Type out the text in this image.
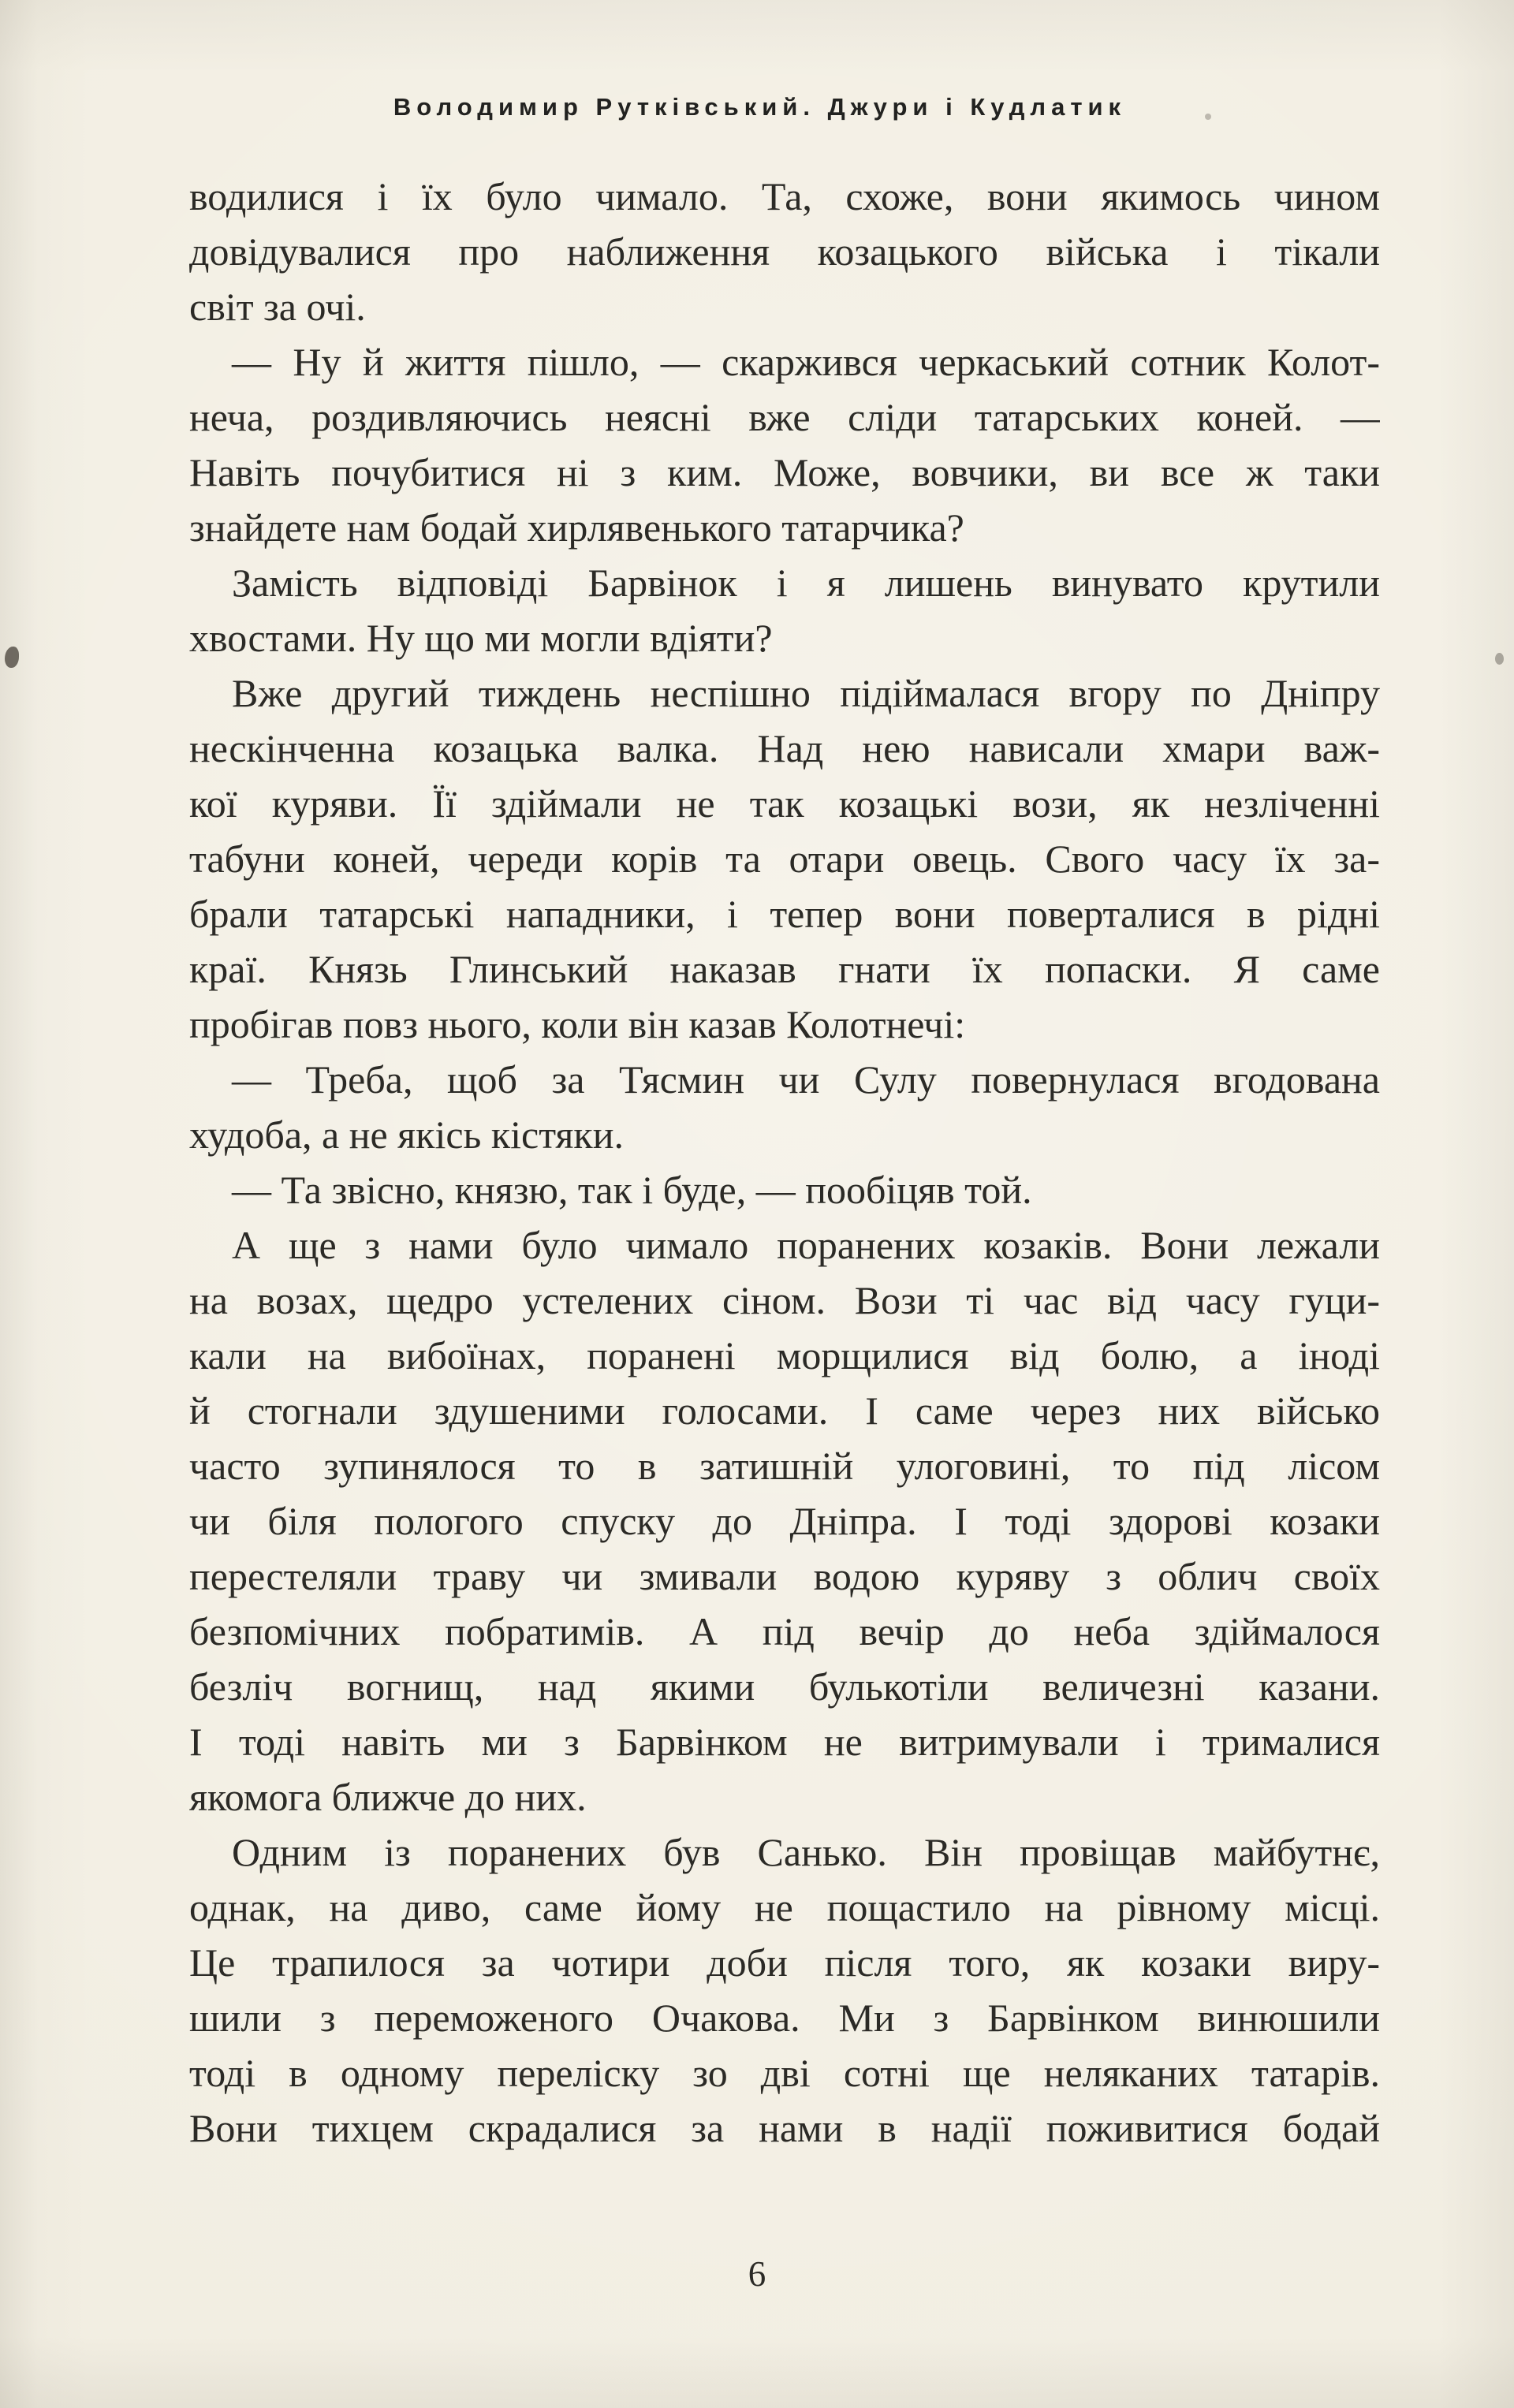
Володимир Рутківський. Джури і Кудлатик

водилися і їх було чимало. Та, схоже, вони якимось чином
довідувалися про наближення козацького війська і тікали
світ за очі.

— Ну й життя пішло, — скаржився черкаський сотник Колот-
неча, роздивляючись неясні вже сліди татарських коней. —
Навіть почубитися ні з ким. Може, вовчики, ви все ж таки
знайдете нам бодай хирлявенького татарчика?

Замість відповіді Барвінок і я лишень винувато крутили
хвостами. Ну що ми могли вдіяти?

Вже другий тиждень неспішно підіймалася вгору по Дніпру
нескінченна козацька валка. Над нею нависали хмари важ-
кої куряви. Її здіймали не так козацькі вози, як незліченні
табуни коней, череди корів та отари овець. Свого часу їх за-
брали татарські нападники, і тепер вони поверталися в рідні
краї. Князь Глинський наказав гнати їх попаски. Я саме
пробігав повз нього, коли він казав Колотнечі:

— Треба, щоб за Тясмин чи Сулу повернулася вгодована
худоба, а не якісь кістяки.

— Та звісно, князю, так і буде, — пообіцяв той.

А ще з нами було чимало поранених козаків. Вони лежали
на возах, щедро устелених сіном. Вози ті час від часу гуци-
кали на вибоїнах, поранені морщилися від болю, а іноді
й стогнали здушеними голосами. І саме через них військо
часто зупинялося то в затишній улоговині, то під лісом
чи біля пологого спуску до Дніпра. І тоді здорові козаки
перестеляли траву чи змивали водою куряву з облич своїх
безпомічних побратимів. А під вечір до неба здіймалося
безліч вогнищ, над якими булькотіли величезні казани.
І тоді навіть ми з Барвінком не витримували і трималися
якомога ближче до них.

Одним із поранених був Санько. Він провіщав майбутнє,
однак, на диво, саме йому не пощастило на рівному місці.
Це трапилося за чотири доби після того, як козаки виру-
шили з переможеного Очакова. Ми з Барвінком винюшили
тоді в одному переліску зо дві сотні ще неляканих татарів.
Вони тихцем скрадалися за нами в надії поживитися бодай

6
